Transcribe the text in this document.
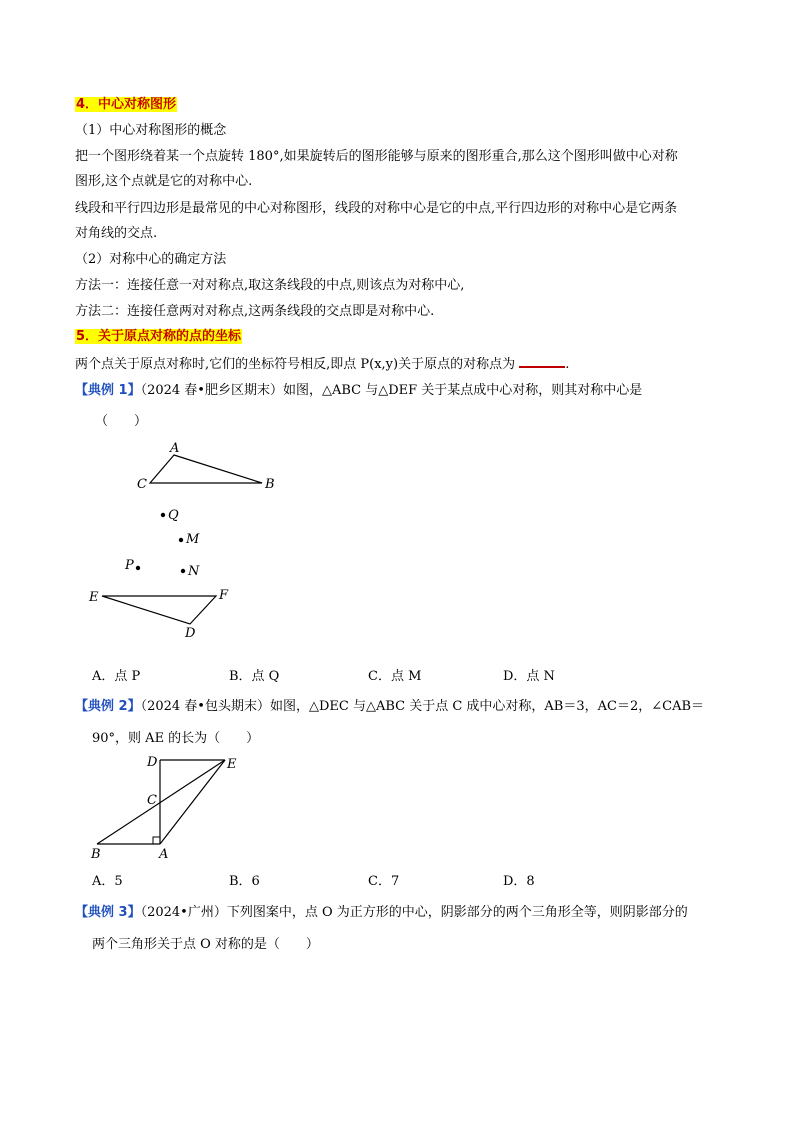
4．中心对称图形
（1）中心对称图形的概念
把一个图形绕着某一个点旋转 180°,如果旋转后的图形能够与原来的图形重合,那么这个图形叫做中心对称
图形,这个点就是它的对称中心.
线段和平行四边形是最常见的中心对称图形，线段的对称中心是它的中点,平行四边形的对称中心是它两条
对角线的交点.
（2）对称中心的确定方法
方法一：连接任意一对对称点,取这条线段的中点,则该点为对称中心,
方法二：连接任意两对对称点,这两条线段的交点即是对称中心.
5．关于原点对称的点的坐标
两个点关于原点对称时,它们的坐标符号相反,即点 P(x,y)关于原点的对称点为	.
【典例 1】（2024 春•肥乡区期末）如图，△ABC 与△DEF 关于某点成中心对称，则其对称中心是
（　　）
A
C	B
Q
M
P	N
E	F
D
A．点 P	B．点 Q	C．点 M	D．点 N
【典例 2】（2024 春•包头期末）如图，△DEC 与△ABC 关于点 C 成中心对称，AB＝3，AC＝2，∠CAB＝
90°，则 AE 的长为（　　）
D	E
C
B	A
A．5	B．6	C．7	D．8
【典例 3】（2024•广州）下列图案中，点 O 为正方形的中心，阴影部分的两个三角形全等，则阴影部分的
两个三角形关于点 O 对称的是（　　）
